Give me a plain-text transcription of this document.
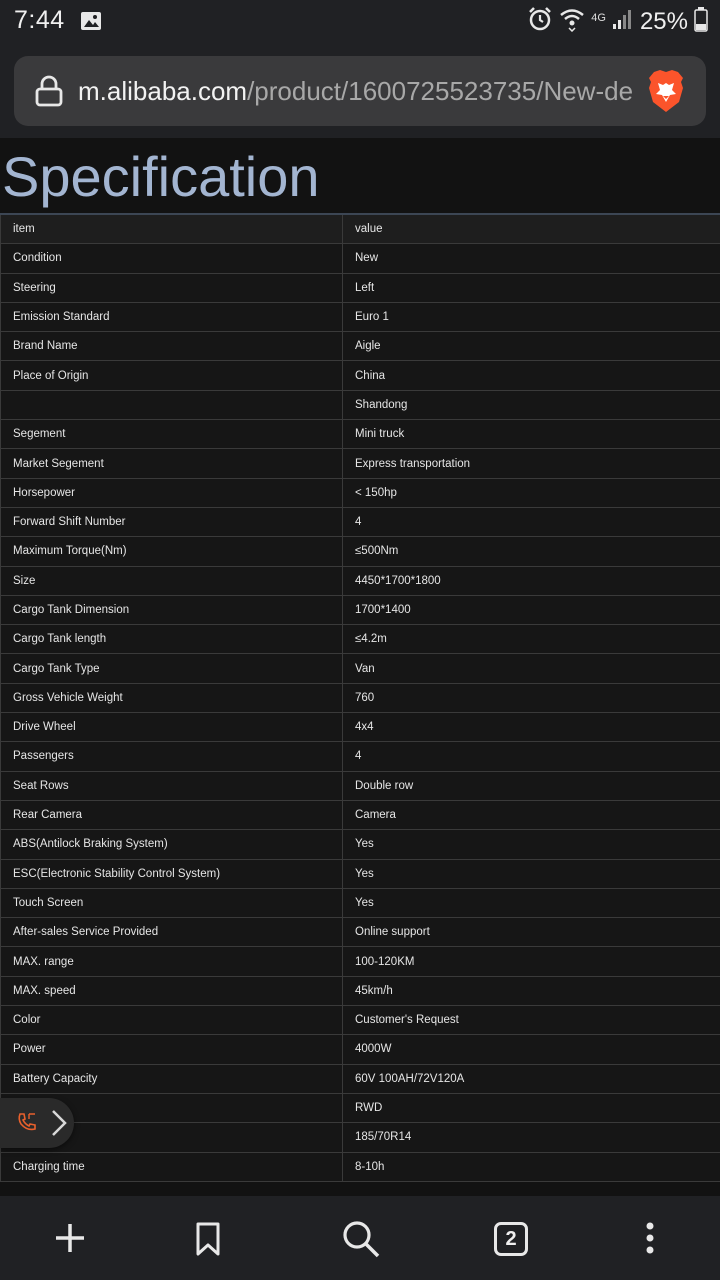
7:44	4G 25%
m.alibaba.com/product/1600725523735/New-de
Specification
item	value
Condition	New
Steering	Left
Emission Standard	Euro 1
Brand Name	Aigle
Place of Origin	China
	Shandong
Segement	Mini truck
Market Segement	Express transportation
Horsepower	< 150hp
Forward Shift Number	4
Maximum Torque(Nm)	≤500Nm
Size	4450*1700*1800
Cargo Tank Dimension	1700*1400
Cargo Tank length	≤4.2m
Cargo Tank Type	Van
Gross Vehicle Weight	760
Drive Wheel	4x4
Passengers	4
Seat Rows	Double row
Rear Camera	Camera
ABS(Antilock Braking System)	Yes
ESC(Electronic Stability Control System)	Yes
Touch Screen	Yes
After-sales Service Provided	Online support
MAX. range	100-120KM
MAX. speed	45km/h
Color	Customer's Request
Power	4000W
Battery Capacity	60V 100AH/72V120A
	RWD
	185/70R14
Charging time	8-10h
2
